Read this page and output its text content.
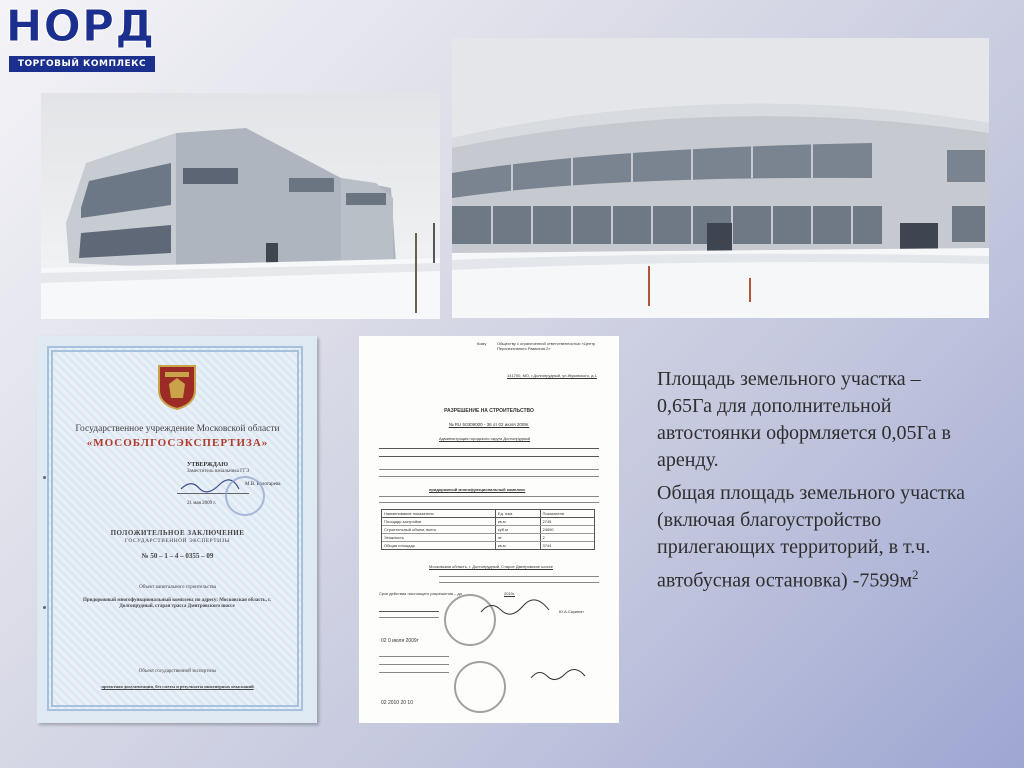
НОРД
ТОРГОВЫЙ КОМПЛЕКС
Государственное учреждение Московской области
«МОСОБЛГОСЭКСПЕРТИЗА»
УТВЕРЖДАЮ
Заместитель начальника ГГЭ
М.В. Болотарева
21 мая 2009 г.
ПОЛОЖИТЕЛЬНОЕ ЗАКЛЮЧЕНИЕ
ГОСУДАРСТВЕННОЙ ЭКСПЕРТИЗЫ
№ 50 – 1 – 4 – 0355 – 09
Объект капитального строительства
Придорожный многофункциональный комплекс по адресу: Московская область, г. Долгопрудный, старая трасса Дмитровского шоссе
Объект государственной экспертизы
проектная документация, без сметы и результаты инженерных изысканий
Кому	Обществу с ограниченной ответственностью «Центр Перспективного Развития 2»
141700, МО, г.Долгопрудный, ул.Жуковского, д.1
РАЗРЕШЕНИЕ НА СТРОИТЕЛЬСТВО
№ RU 50309000 - 36 от 02 июля 2009г.
Администрация городского округа Долгопрудный
придорожный многофункциональный комплекс
Наименование показателя	Ед. изм.	Показатели
Площадь застройки	кв.м	2745
Строительный объем, всего	куб.м	24690
Этажность	эт.	2
Общая площадь	кв.м	3744
Московская область, г. Долгопрудный, Старое Дмитровское шоссе
Срок действия настоящего разрешения – до	2010г.
Ю.А.Скрипин
02 0 июля 2009г
02 2010 20 10

Площадь земельного участка – 0,65Га для дополнительной автостоянки оформляется 0,05Га в аренду.

Общая площадь земельного участка (включая благоустройство прилегающих территорий, в т.ч. автобусная остановка) $-7599м^2$
